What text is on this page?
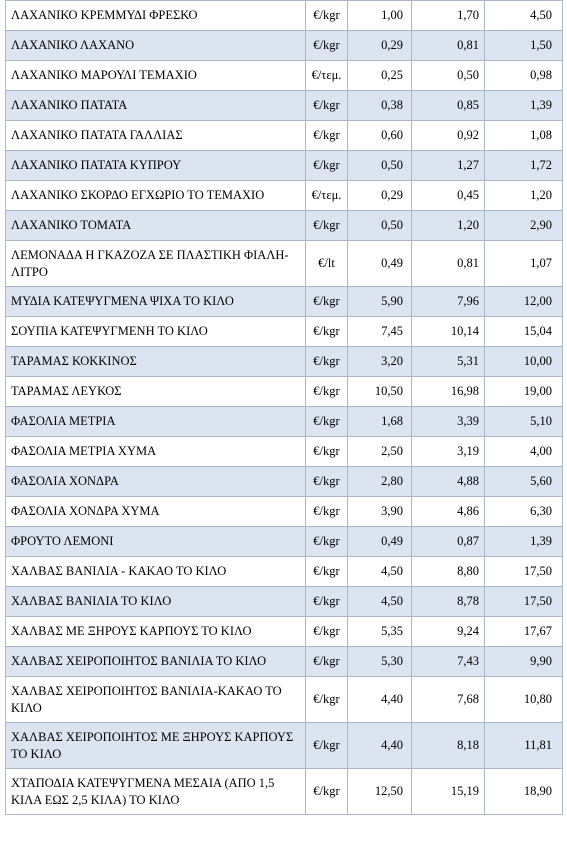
ΛΑΧΑΝΙΚΟ ΚΡΕΜΜΥΔΙ ΦΡΕΣΚΟ	€/kgr	1,00	1,70	4,50
ΛΑΧΑΝΙΚΟ ΛΑΧΑΝΟ	€/kgr	0,29	0,81	1,50
ΛΑΧΑΝΙΚΟ ΜΑΡΟΥΛΙ ΤΕΜΑΧΙΟ	€/τεμ.	0,25	0,50	0,98
ΛΑΧΑΝΙΚΟ ΠΑΤΑΤΑ	€/kgr	0,38	0,85	1,39
ΛΑΧΑΝΙΚΟ ΠΑΤΑΤΑ ΓΑΛΛΙΑΣ	€/kgr	0,60	0,92	1,08
ΛΑΧΑΝΙΚΟ ΠΑΤΑΤΑ ΚΥΠΡΟΥ	€/kgr	0,50	1,27	1,72
ΛΑΧΑΝΙΚΟ ΣΚΟΡΔΟ ΕΓΧΩΡΙΟ ΤΟ ΤΕΜΑΧΙΟ	€/τεμ.	0,29	0,45	1,20
ΛΑΧΑΝΙΚΟ ΤΟΜΑΤΑ	€/kgr	0,50	1,20	2,90
ΛΕΜΟΝΑΔΑ Η ΓΚΑΖΟΖΑ ΣΕ ΠΛΑΣΤΙΚΗ ΦΙΑΛΗ- ΛΙΤΡΟ	€/lt	0,49	0,81	1,07
ΜΥΔΙΑ ΚΑΤΕΨΥΓΜΕΝΑ ΨΙΧΑ ΤΟ ΚΙΛΟ	€/kgr	5,90	7,96	12,00
ΣΟΥΠΙΑ ΚΑΤΕΨΥΓΜΕΝΗ ΤΟ ΚΙΛΟ	€/kgr	7,45	10,14	15,04
ΤΑΡΑΜΑΣ ΚΟΚΚΙΝΟΣ	€/kgr	3,20	5,31	10,00
ΤΑΡΑΜΑΣ ΛΕΥΚΟΣ	€/kgr	10,50	16,98	19,00
ΦΑΣΟΛΙΑ ΜΕΤΡΙΑ	€/kgr	1,68	3,39	5,10
ΦΑΣΟΛΙΑ ΜΕΤΡΙΑ ΧΥΜΑ	€/kgr	2,50	3,19	4,00
ΦΑΣΟΛΙΑ ΧΟΝΔΡΑ	€/kgr	2,80	4,88	5,60
ΦΑΣΟΛΙΑ ΧΟΝΔΡΑ ΧΥΜΑ	€/kgr	3,90	4,86	6,30
ΦΡΟΥΤΟ ΛΕΜΟΝΙ	€/kgr	0,49	0,87	1,39
ΧΑΛΒΑΣ ΒΑΝΙΛΙΑ - ΚΑΚΑΟ ΤΟ ΚΙΛΟ	€/kgr	4,50	8,80	17,50
ΧΑΛΒΑΣ ΒΑΝΙΛΙΑ ΤΟ ΚΙΛΟ	€/kgr	4,50	8,78	17,50
ΧΑΛΒΑΣ ΜΕ ΞΗΡΟΥΣ ΚΑΡΠΟΥΣ ΤΟ ΚΙΛΟ	€/kgr	5,35	9,24	17,67
ΧΑΛΒΑΣ ΧΕΙΡΟΠΟΙΗΤΟΣ ΒΑΝΙΛΙΑ ΤΟ ΚΙΛΟ	€/kgr	5,30	7,43	9,90
ΧΑΛΒΑΣ ΧΕΙΡΟΠΟΙΗΤΟΣ ΒΑΝΙΛΙΑ-ΚΑΚΑΟ ΤΟ ΚΙΛΟ	€/kgr	4,40	7,68	10,80
ΧΑΛΒΑΣ ΧΕΙΡΟΠΟΙΗΤΟΣ ΜΕ ΞΗΡΟΥΣ ΚΑΡΠΟΥΣ ΤΟ ΚΙΛΟ	€/kgr	4,40	8,18	11,81
ΧΤΑΠΟΔΙΑ ΚΑΤΕΨΥΓΜΕΝΑ ΜΕΣΑΙΑ (ΑΠΟ 1,5 ΚΙΛΑ ΕΩΣ 2,5 ΚΙΛΑ) ΤΟ ΚΙΛΟ	€/kgr	12,50	15,19	18,90
